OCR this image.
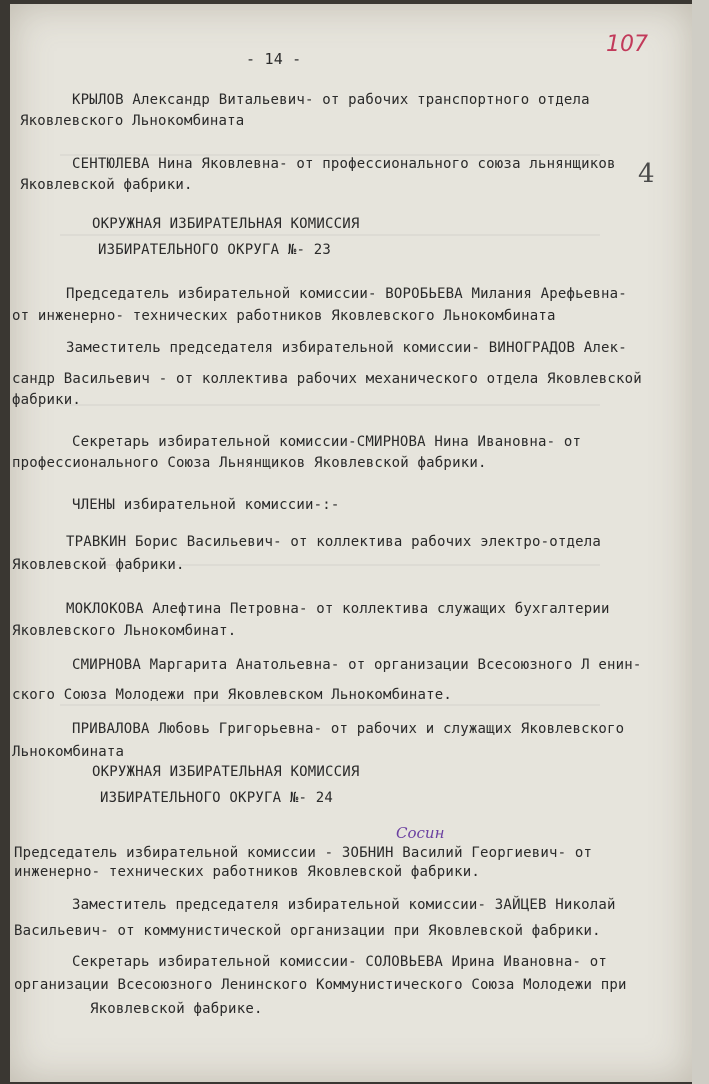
- 14 -
107
4
КРЫЛОВ Александр Витальевич- от рабочих транспортного отдела
Яковлевского Льнокомбината
СЕНТЮЛЕВА Нина Яковлевна- от профессионального союза льнянщиков
Яковлевской фабрики.
ОКРУЖНАЯ ИЗБИРАТЕЛЬНАЯ КОМИССИЯ
ИЗБИРАТЕЛЬНОГО ОКРУГА №- 23
Председатель избирательной комиссии- ВОРОБЬЕВА Милания Арефьевна-
от инженерно- технических работников Яковлевского Льнокомбината
Заместитель председателя избирательной комиссии- ВИНОГРАДОВ Алек-
сандр Васильевич - от коллектива рабочих механического отдела Яковлевской
фабрики.
Секретарь избирательной комиссии-СМИРНОВА Нина Ивановна- от
профессионального Союза Льнянщиков Яковлевской фабрики.
ЧЛЕНЫ избирательной комиссии-:-
ТРАВКИН Борис Васильевич- от коллектива рабочих электро-отдела
Яковлевской фабрики.
МОКЛОКОВА Алефтина Петровна- от коллектива служащих бухгалтерии
Яковлевского Льнокомбинат.
СМИРНОВА Маргарита Анатольевна- от организации Всесоюзного Л енин-
ского Союза Молодежи при Яковлевском Льнокомбинате.
ПРИВАЛОВА Любовь Григорьевна- от рабочих и служащих Яковлевского
Льнокомбината
ОКРУЖНАЯ ИЗБИРАТЕЛЬНАЯ КОМИССИЯ
ИЗБИРАТЕЛЬНОГО ОКРУГА №- 24
Сосин
Председатель избирательной комиссии - ЗОБНИН Василий Георгиевич- от
инженерно- технических работников Яковлевской фабрики.
Заместитель председателя избирательной комиссии- ЗАЙЦЕВ Николай
Васильевич- от коммунистической организации при Яковлевской фабрики.
Секретарь избирательной комиссии- СОЛОВЬЕВА Ирина Ивановна- от
организации Всесоюзного Ленинского Коммунистического Союза Молодежи при
Яковлевской фабрике.
